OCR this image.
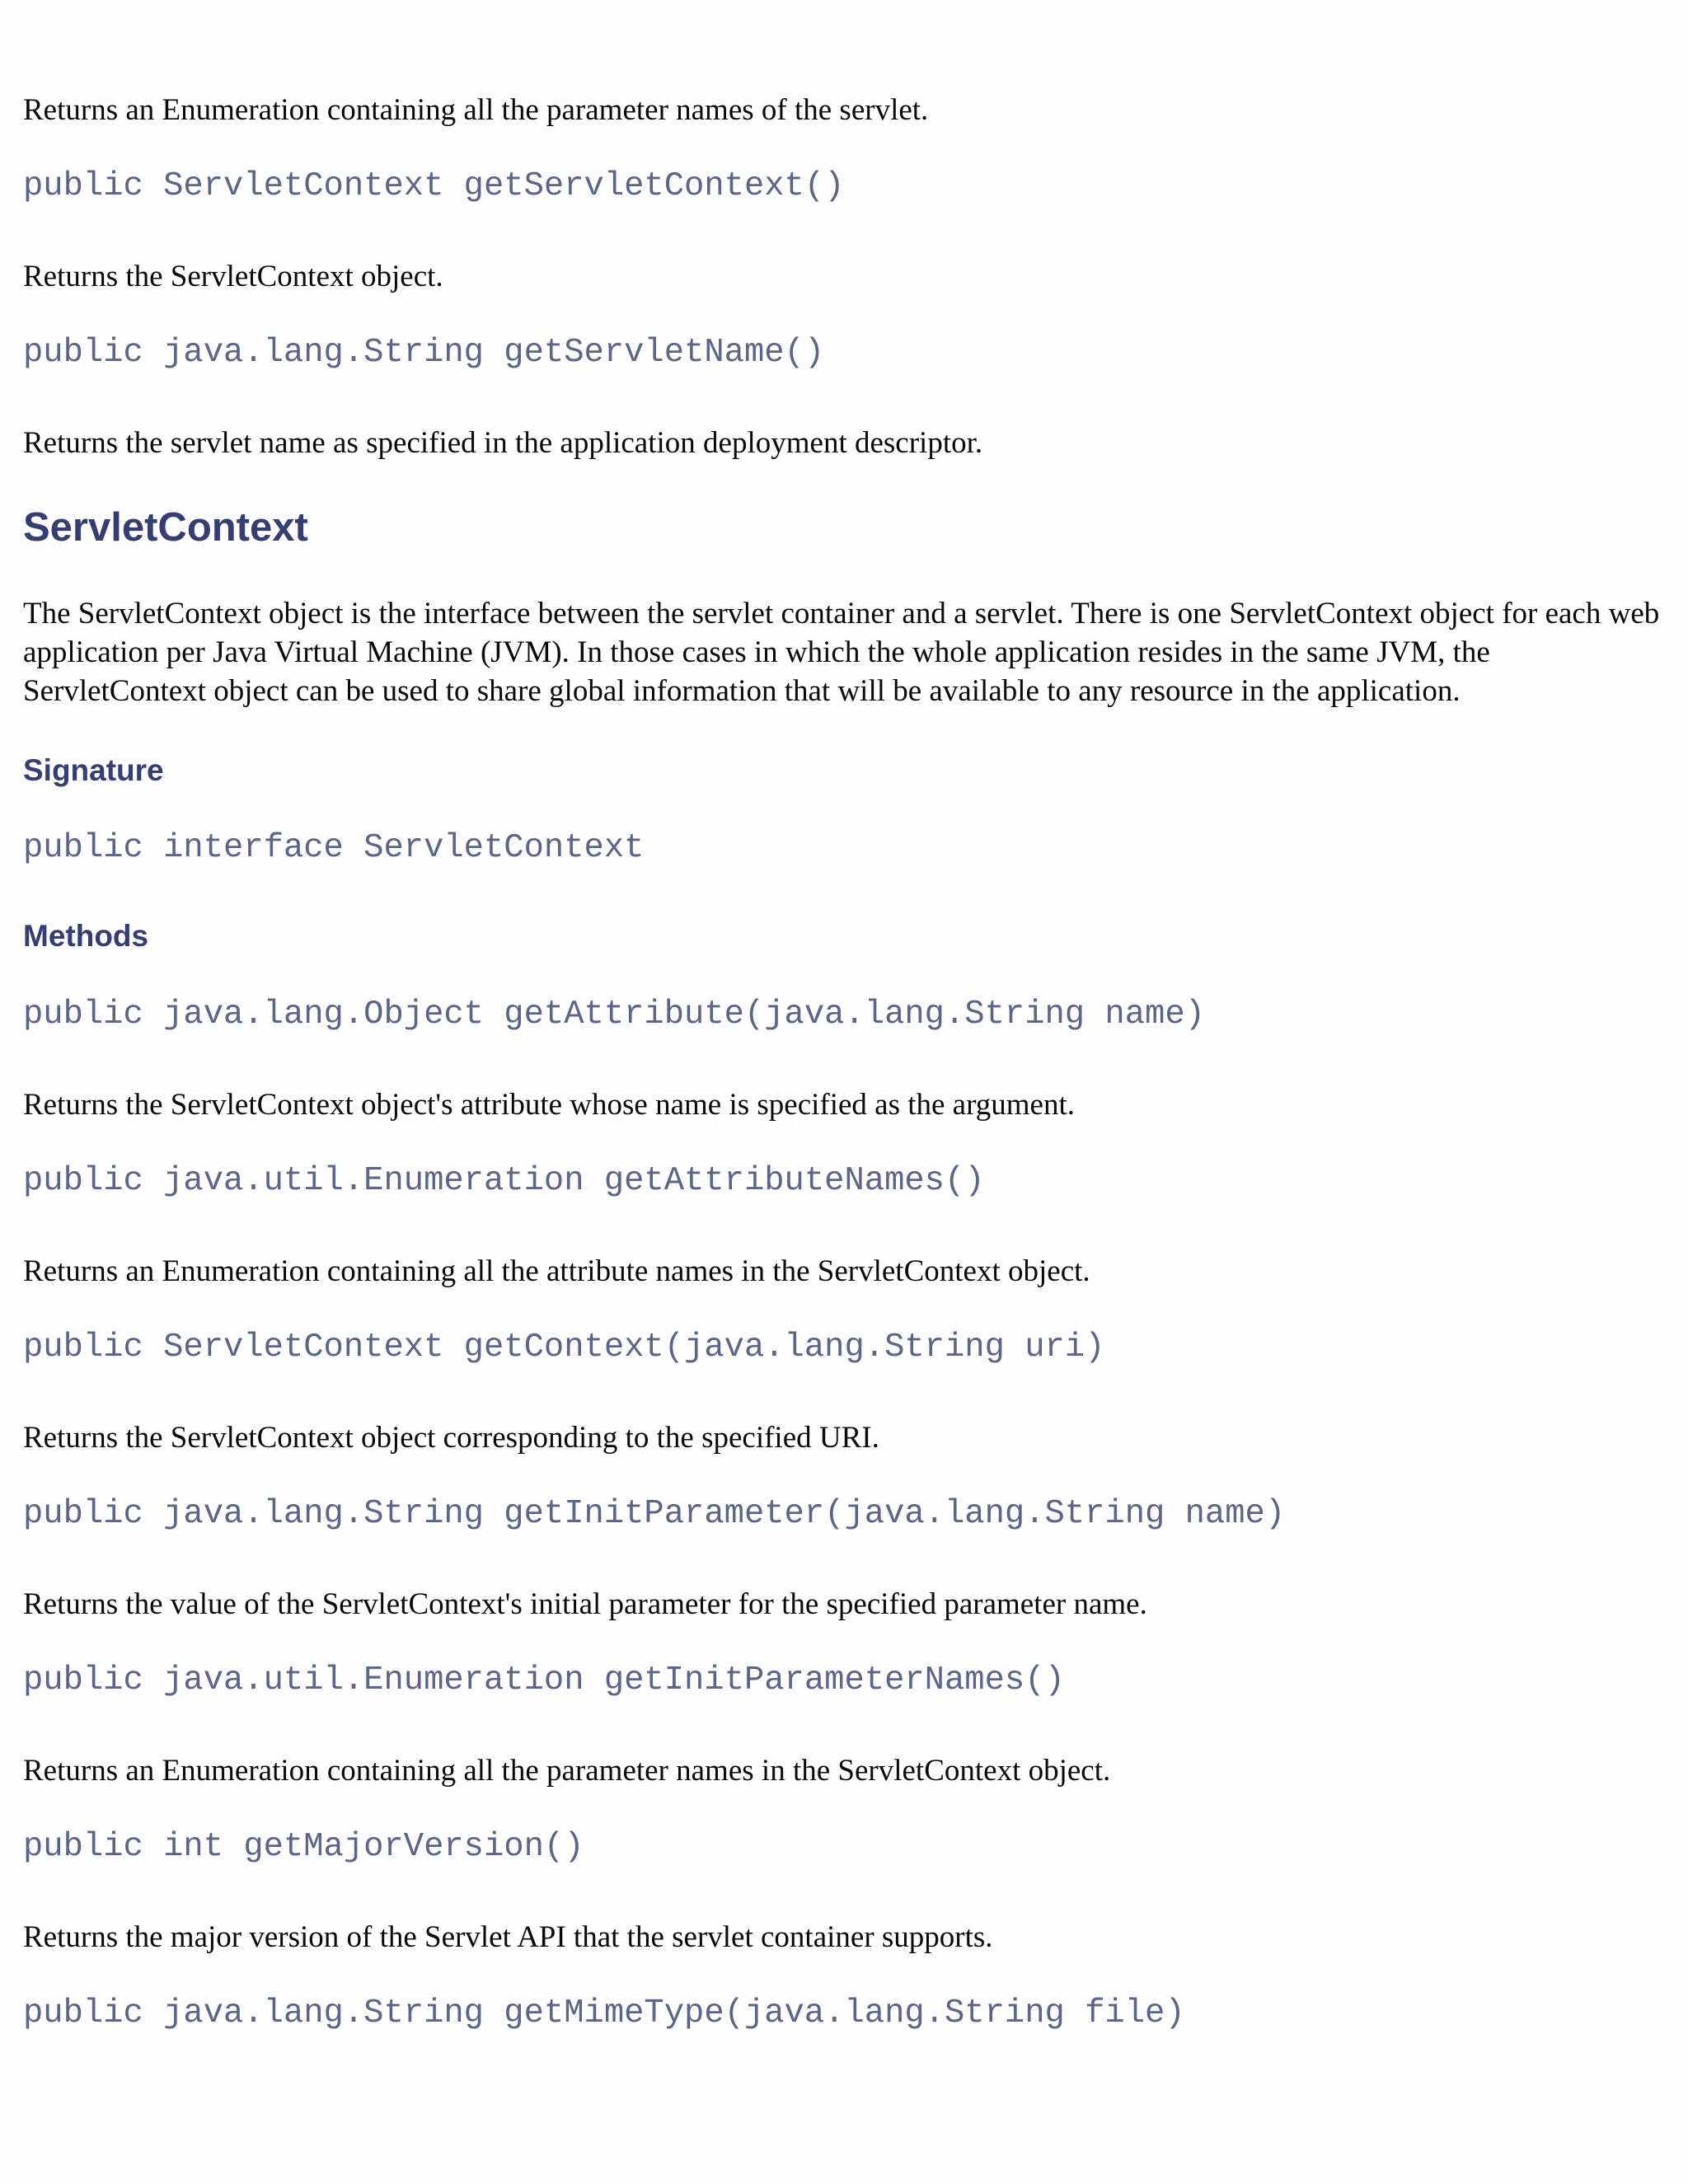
Returns an Enumeration containing all the parameter names of the servlet.

public ServletContext getServletContext()

Returns the ServletContext object.

public java.lang.String getServletName()

Returns the servlet name as specified in the application deployment descriptor.

ServletContext

The ServletContext object is the interface between the servlet container and a servlet. There is one ServletContext object for each web application per Java Virtual Machine (JVM). In those cases in which the whole application resides in the same JVM, the ServletContext object can be used to share global information that will be available to any resource in the application.

Signature

public interface ServletContext

Methods

public java.lang.Object getAttribute(java.lang.String name)

Returns the ServletContext object's attribute whose name is specified as the argument.

public java.util.Enumeration getAttributeNames()

Returns an Enumeration containing all the attribute names in the ServletContext object.

public ServletContext getContext(java.lang.String uri)

Returns the ServletContext object corresponding to the specified URI.

public java.lang.String getInitParameter(java.lang.String name)

Returns the value of the ServletContext's initial parameter for the specified parameter name.

public java.util.Enumeration getInitParameterNames()

Returns an Enumeration containing all the parameter names in the ServletContext object.

public int getMajorVersion()

Returns the major version of the Servlet API that the servlet container supports.

public java.lang.String getMimeType(java.lang.String file)
